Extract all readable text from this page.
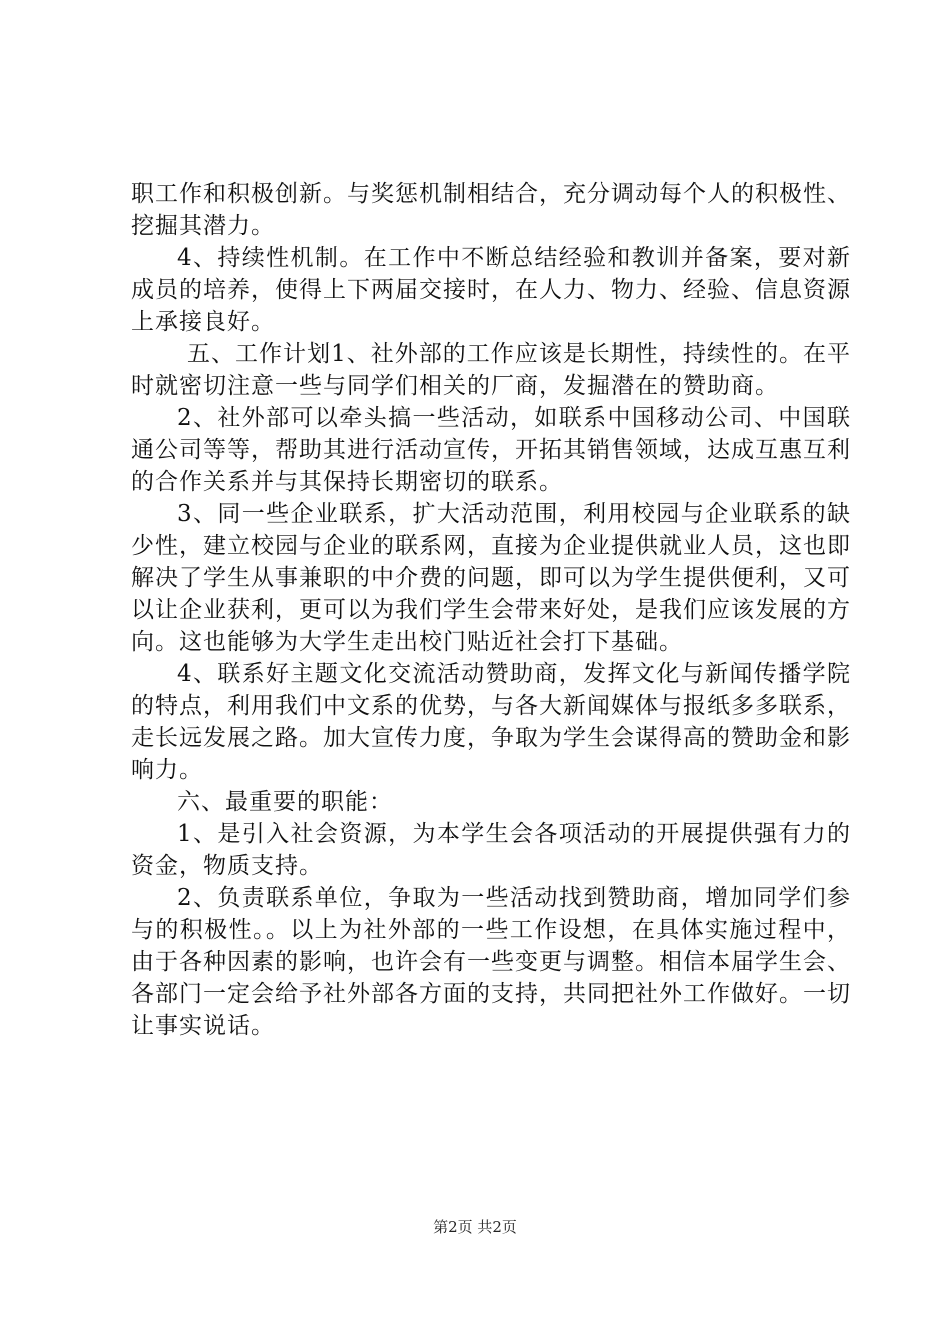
职工作和积极创新。与奖惩机制相结合，充分调动每个人的积极性、挖掘其潜力。

4、持续性机制。在工作中不断总结经验和教训并备案，要对新成员的培养，使得上下两届交接时，在人力、物力、经验、信息资源上承接良好。

五、工作计划1、社外部的工作应该是长期性，持续性的。在平时就密切注意一些与同学们相关的厂商，发掘潜在的赞助商。

2、社外部可以牵头搞一些活动，如联系中国移动公司、中国联通公司等等，帮助其进行活动宣传，开拓其销售领域，达成互惠互利的合作关系并与其保持长期密切的联系。

3、同一些企业联系，扩大活动范围，利用校园与企业联系的缺少性，建立校园与企业的联系网，直接为企业提供就业人员，这也即解决了学生从事兼职的中介费的问题，即可以为学生提供便利，又可以让企业获利，更可以为我们学生会带来好处，是我们应该发展的方向。这也能够为大学生走出校门贴近社会打下基础。

4、联系好主题文化交流活动赞助商，发挥文化与新闻传播学院的特点，利用我们中文系的优势，与各大新闻媒体与报纸多多联系，走长远发展之路。加大宣传力度，争取为学生会谋得高的赞助金和影响力。

六、最重要的职能：

1、是引入社会资源，为本学生会各项活动的开展提供强有力的资金，物质支持。

2、负责联系单位，争取为一些活动找到赞助商，增加同学们参与的积极性。。以上为社外部的一些工作设想，在具体实施过程中，由于各种因素的影响，也许会有一些变更与调整。相信本届学生会、各部门一定会给予社外部各方面的支持，共同把社外工作做好。一切让事实说话。

第2页 共2页
